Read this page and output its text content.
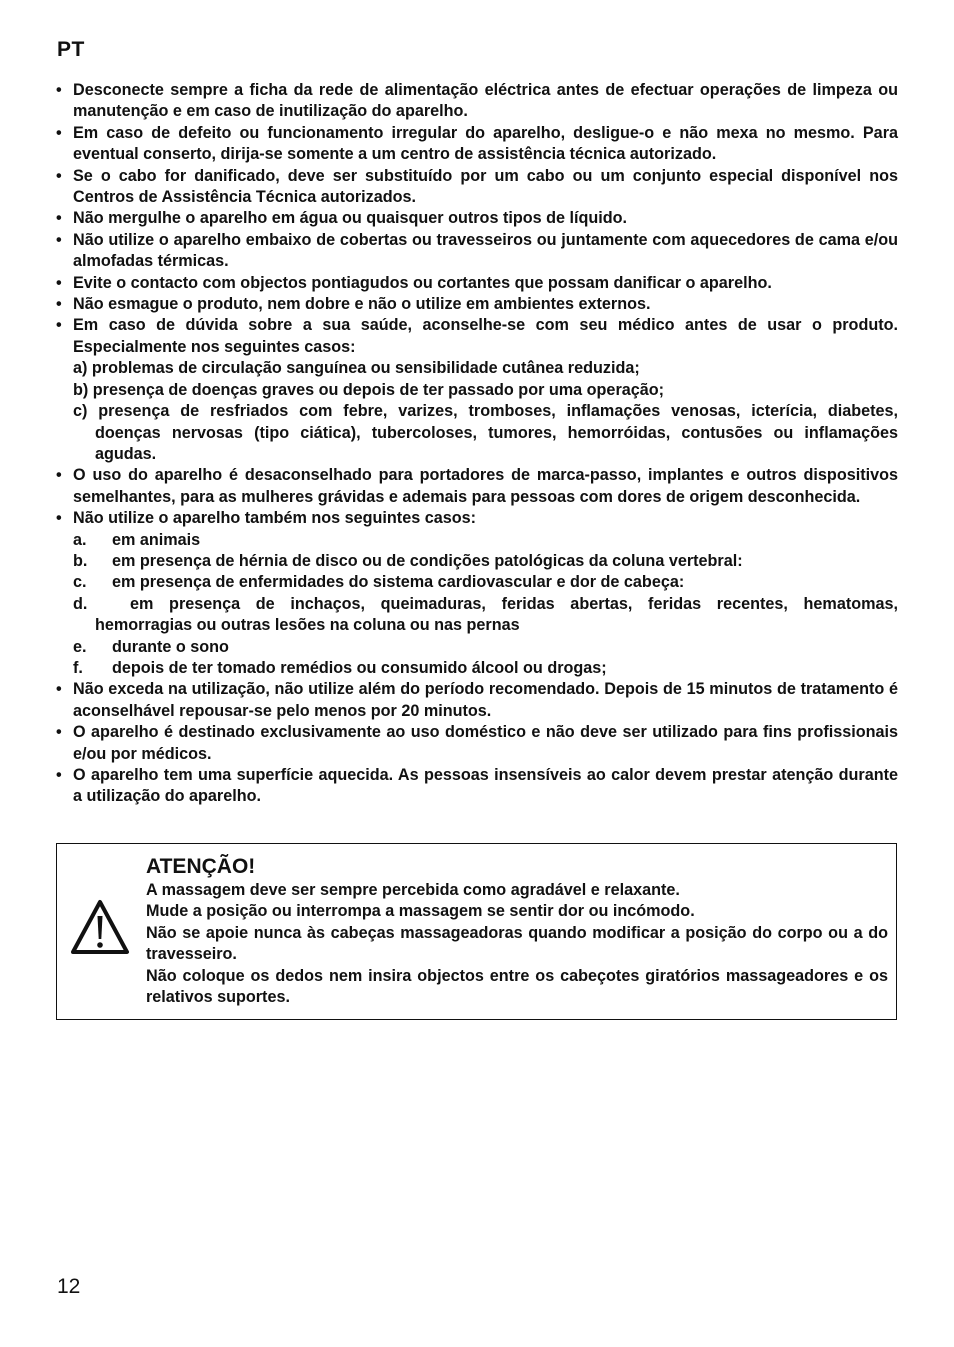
PT
• Desconecte sempre a ficha da rede de alimentação eléctrica antes de efectuar operações de limpeza ou manutenção e em caso de inutilização do aparelho.
• Em caso de defeito ou funcionamento irregular do aparelho, desligue-o e não mexa no mesmo. Para eventual conserto, dirija-se somente a um centro de assistência técnica autorizado.
• Se o cabo for danificado, deve ser substituído por um cabo ou um conjunto especial disponível nos Centros de Assistência Técnica autorizados.
• Não mergulhe o aparelho em água ou quaisquer outros tipos de líquido.
• Não utilize o aparelho embaixo de cobertas ou travesseiros ou juntamente com aquecedores de cama e/ou almofadas térmicas.
• Evite o contacto com objectos pontiagudos ou cortantes que possam danificar o aparelho.
• Não esmague o produto, nem dobre e não o utilize em ambientes externos.
• Em caso de dúvida sobre a sua saúde, aconselhe-se com seu médico antes de usar o produto. Especialmente nos seguintes casos:
a) problemas de circulação sanguínea ou sensibilidade cutânea reduzida;
b) presença de doenças graves ou depois de ter passado por uma operação;
c) presença de resfriados com febre, varizes, tromboses, inflamações venosas, icterícia, diabetes, doenças nervosas (tipo ciática), tubercoloses, tumores, hemorróidas, contusões ou inflamações agudas.
• O uso do aparelho é desaconselhado para portadores de marca-passo, implantes e outros dispositivos semelhantes, para as mulheres grávidas e ademais para pessoas com dores de origem desconhecida.
• Não utilize o aparelho também nos seguintes casos:
a.	em animais
b.	em presença de hérnia de disco ou de condições patológicas da coluna vertebral:
c.	em presença de enfermidades do sistema cardiovascular e dor de cabeça:
d.	em presença de inchaços, queimaduras, feridas abertas, feridas recentes, hematomas, hemorragias ou outras lesões na coluna ou nas pernas
e.	durante o sono
f.	depois de ter tomado remédios ou consumido álcool ou drogas;
• Não exceda na utilização, não utilize além do período recomendado. Depois de 15 minutos de tratamento é aconselhável repousar-se pelo menos por 20 minutos.
• O aparelho é destinado exclusivamente ao uso doméstico e não deve ser utilizado para fins profissionais e/ou por médicos.
• O aparelho tem uma superfície aquecida. As pessoas insensíveis ao calor devem prestar atenção durante a utilização do aparelho.
ATENÇÃO!
A massagem deve ser sempre percebida como agradável e relaxante.
Mude a posição ou interrompa a massagem se sentir dor ou incómodo.
Não se apoie nunca às cabeças massageadoras quando modificar a posição do corpo ou a do travesseiro.
Não coloque os dedos nem insira objectos entre os cabeçotes giratórios massageadores e os relativos suportes.
12
